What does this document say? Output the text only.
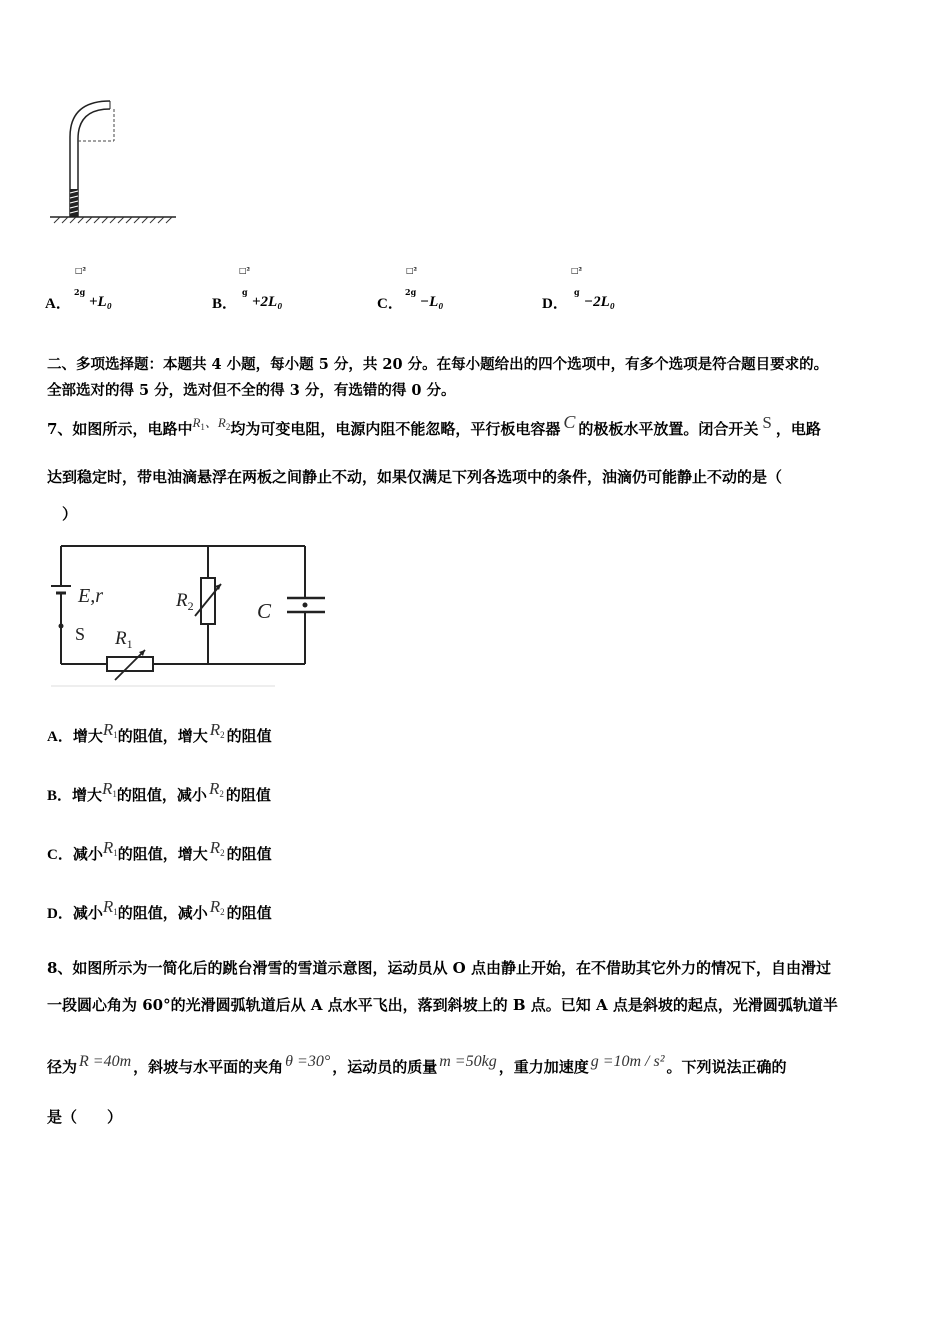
A．
□²
2g
+L₀	B．
□²
g
+2L₀	C．
□²
2g
−L₀	D．
□²
g
−2L₀
二、多项选择题：本题共 4 小题，每小题 5 分，共 20 分。在每小题给出的四个选项中，有多个选项是符合题目要求的。
全部选对的得 5 分，选对但不全的得 3 分，有选错的得 0 分。
7、如图所示，电路中$R_1$、$R_2$均为可变电阻，电源内阻不能忽略，平行板电容器 C 的极板水平放置。闭合开关 S ，电路
达到稳定时，带电油滴悬浮在两板之间静止不动，如果仅满足下列各选项中的条件，油滴仍可能静止不动的是（
）
E,r
S
$R_2$
$R_1$
C
A．增大$R_1$的阻值，增大 $R_2$ 的阻值
B．增大$R_1$的阻值，减小 $R_2$ 的阻值
C．减小$R_1$的阻值，增大 $R_2$ 的阻值
D．减小$R_1$的阻值，减小 $R_2$ 的阻值
8、如图所示为一简化后的跳台滑雪的雪道示意图，运动员从 O 点由静止开始，在不借助其它外力的情况下，自由滑过
一段圆心角为 60°的光滑圆弧轨道后从 A 点水平飞出，落到斜坡上的 B 点。已知 A 点是斜坡的起点，光滑圆弧轨道半
径为 R =40m ，斜坡与水平面的夹角 θ =30° ，运动员的质量 m =50kg ，重力加速度 g =10m / s² 。下列说法正确的
是（　　）
